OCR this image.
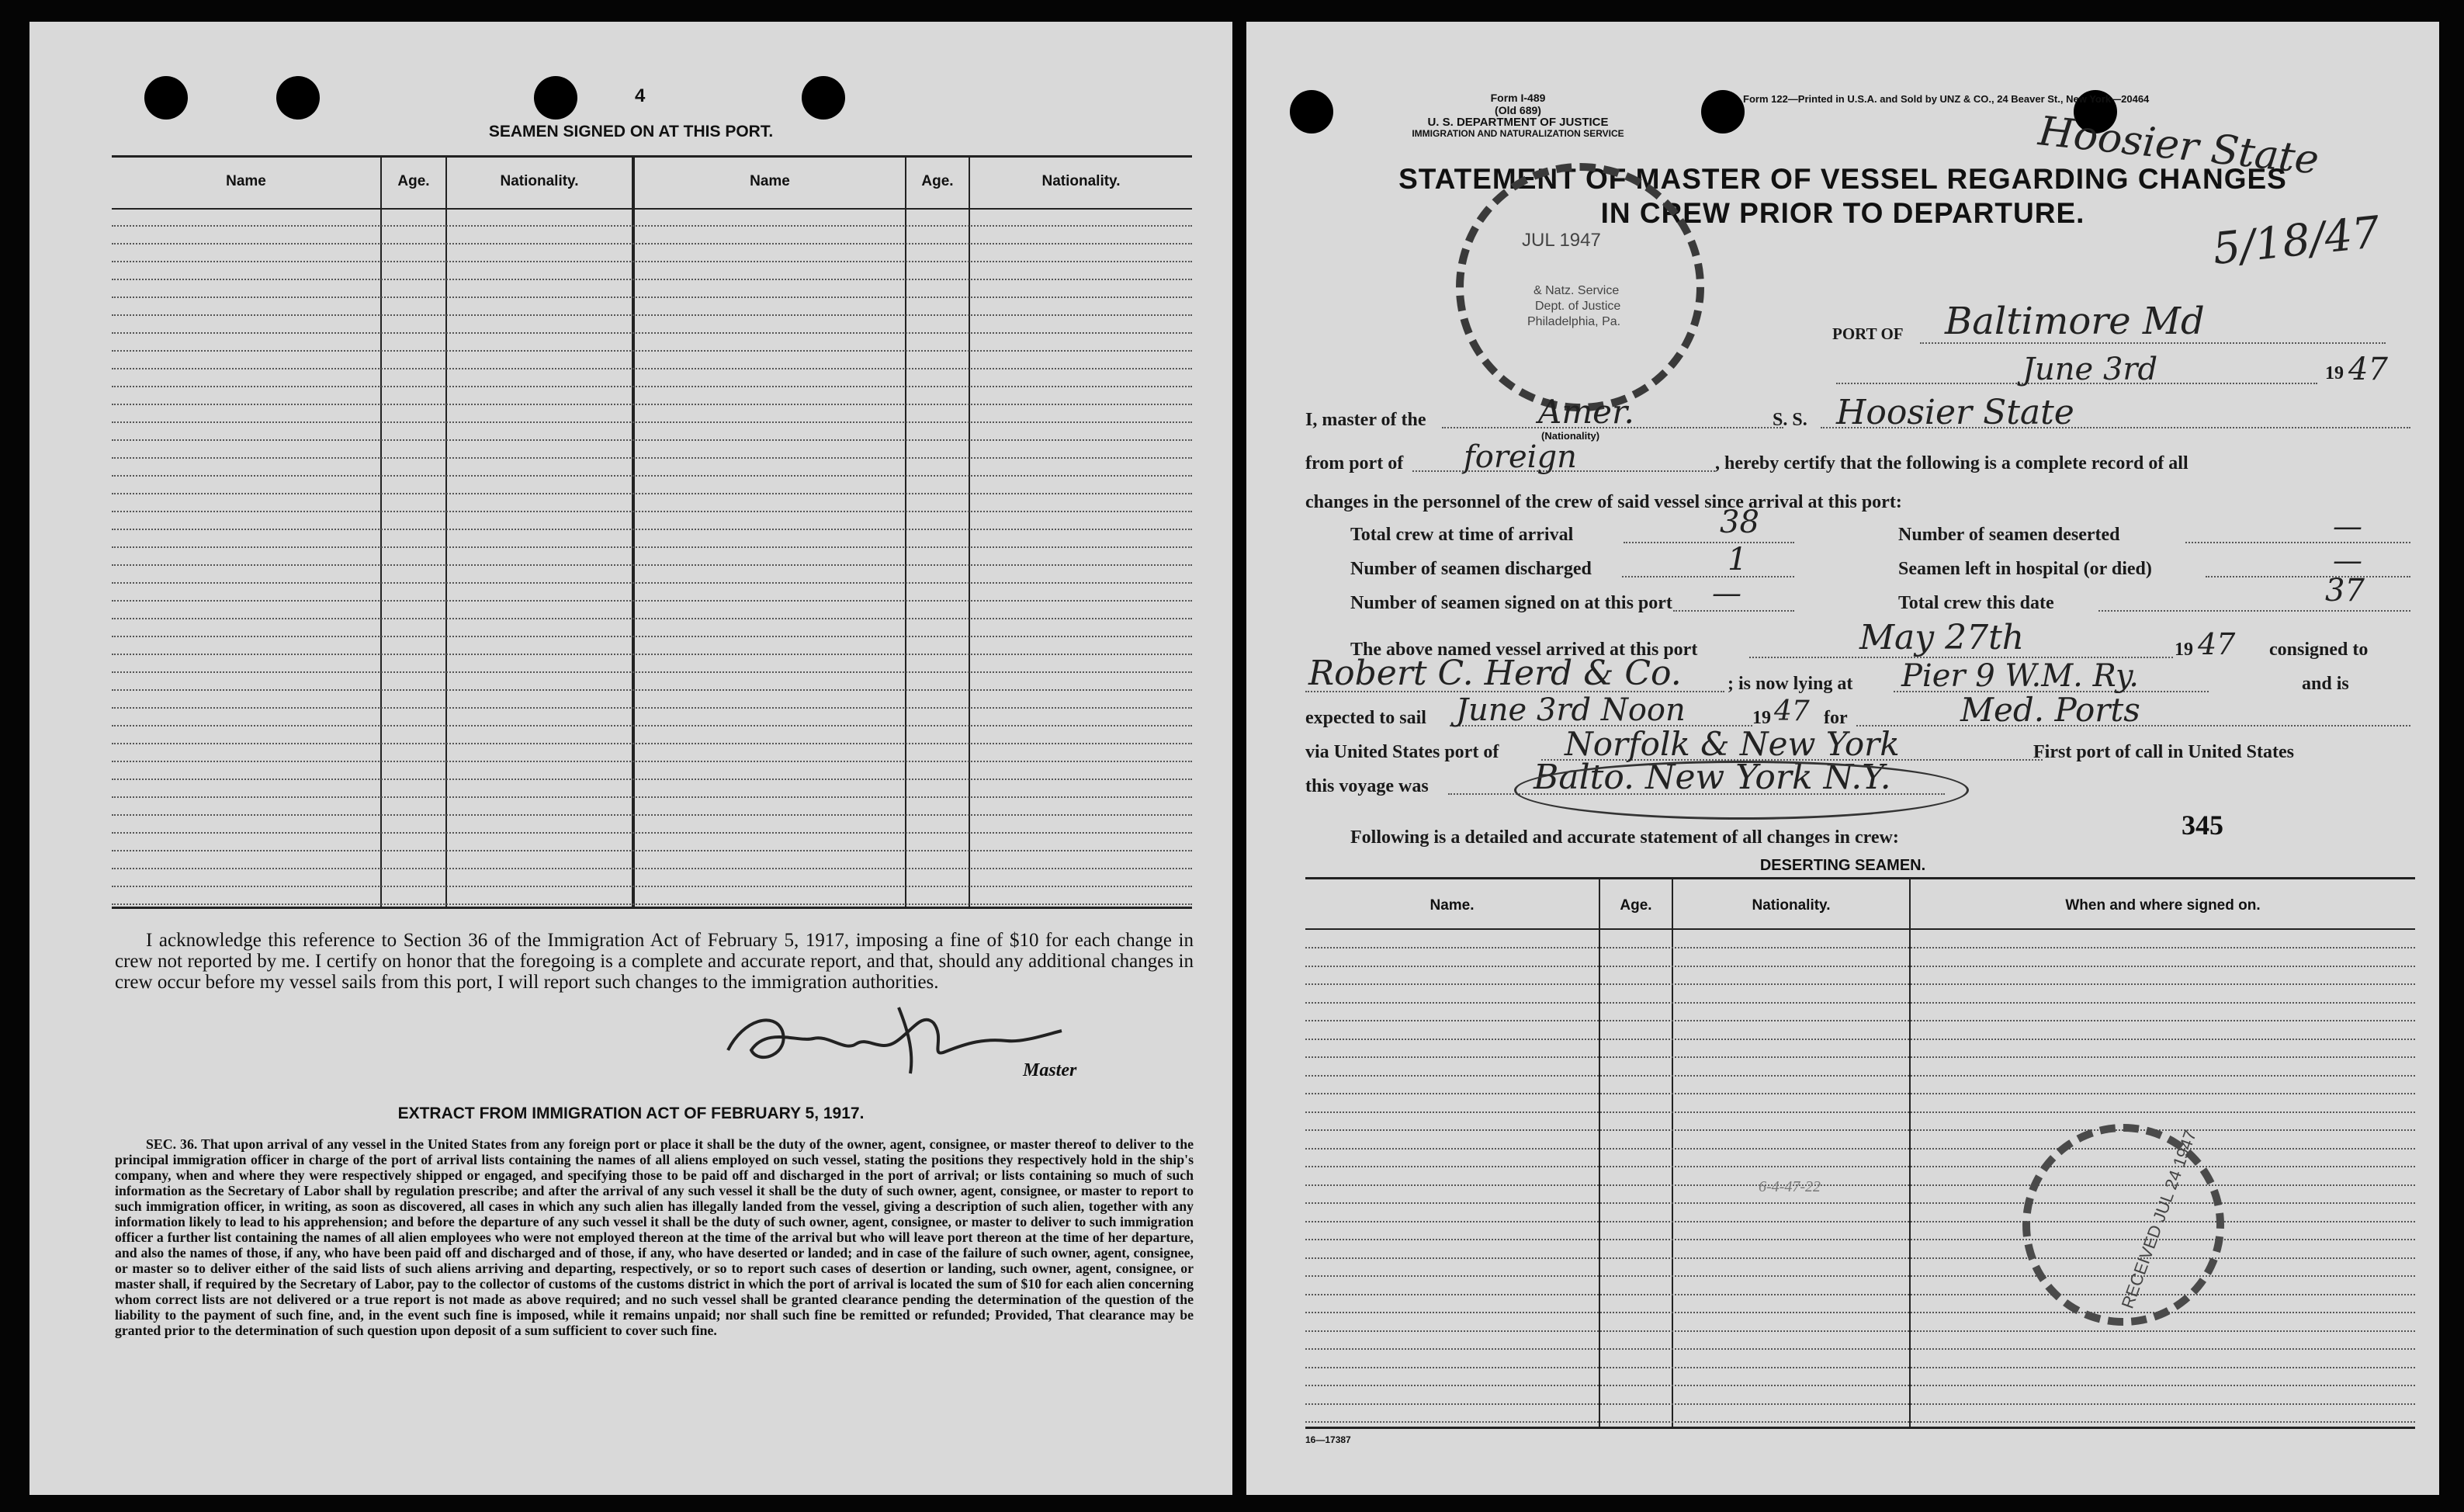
4
SEAMEN SIGNED ON AT THIS PORT.
Name	Age.	Nationality.	Name	Age.	Nationality.
I acknowledge this reference to Section 36 of the Immigration Act of February 5, 1917, imposing a fine of $10 for each change in crew not reported by me. I certify on honor that the foregoing is a complete and accurate report, and that, should any additional changes in crew occur before my vessel sails from this port, I will report such changes to the immigration authorities.
Master
EXTRACT FROM IMMIGRATION ACT OF FEBRUARY 5, 1917.
SEC. 36. That upon arrival of any vessel in the United States from any foreign port or place it shall be the duty of the owner, agent, consignee, or master thereof to deliver to the principal immigration officer in charge of the port of arrival lists containing the names of all aliens employed on such vessel, stating the positions they respectively hold in the ship's company, when and where they were respectively shipped or engaged, and specifying those to be paid off and discharged in the port of arrival; or lists containing so much of such information as the Secretary of Labor shall by regulation prescribe; and after the arrival of any such vessel it shall be the duty of such owner, agent, consignee, or master to report to such immigration officer, in writing, as soon as discovered, all cases in which any such alien has illegally landed from the vessel, giving a description of such alien, together with any information likely to lead to his apprehension; and before the departure of any such vessel it shall be the duty of such owner, agent, consignee, or master to deliver to such immigration officer a further list containing the names of all alien employees who were not employed thereon at the time of the arrival but who will leave port thereon at the time of her departure, and also the names of those, if any, who have been paid off and discharged and of those, if any, who have deserted or landed; and in case of the failure of such owner, agent, consignee, or master so to deliver either of the said lists of such aliens arriving and departing, respectively, or so to report such cases of desertion or landing, such owner, agent, consignee, or master shall, if required by the Secretary of Labor, pay to the collector of customs of the customs district in which the port of arrival is located the sum of $10 for each alien concerning whom correct lists are not delivered or a true report is not made as above required; and no such vessel shall be granted clearance pending the determination of the question of the liability to the payment of such fine, and, in the event such fine is imposed, while it remains unpaid; nor shall such fine be remitted or refunded; Provided, That clearance may be granted prior to the determination of such question upon deposit of a sum sufficient to cover such fine.
Form I-489
(Old 689)
U. S. DEPARTMENT OF JUSTICE
IMMIGRATION AND NATURALIZATION SERVICE
Form 122—Printed in U.S.A. and Sold by UNZ & CO., 24 Beaver St., New York—20464
STATEMENT OF MASTER OF VESSEL REGARDING CHANGES
IN CREW PRIOR TO DEPARTURE.
Hoosier State
5/18/47
JUL 1947
& Natz. Service
Dept. of Justice
Philadelphia, Pa.
PORT OF Baltimore Md
June 3rd	19 47
I, master of the	Amer.
(Nationality)
S. S. Hoosier State
from port of foreign	, hereby certify that the following is a complete record of all
changes in the personnel of the crew of said vessel since arrival at this port:
Total crew at time of arrival	38	Number of seamen deserted	—
Number of seamen discharged	1	Seamen left in hospital (or died)	—
Number of seamen signed on at this port —	Total crew this date	37
The above named vessel arrived at this port	May 27th	19 47 consigned to
Robert C. Herd & Co. ; is now lying at Pier 9 W.M. Ry.	and is
expected to sail June 3rd Noon	19 47 for	Med. Ports
via United States port of Norfolk & New York	First port of call in United States
this voyage was	Balto. New York N.Y.
345
Following is a detailed and accurate statement of all changes in crew:
DESERTING SEAMEN.
Name.	Age.	Nationality.	When and where signed on.
6-4-47-22	RECEIVED JUL 24 1947
16—17387
